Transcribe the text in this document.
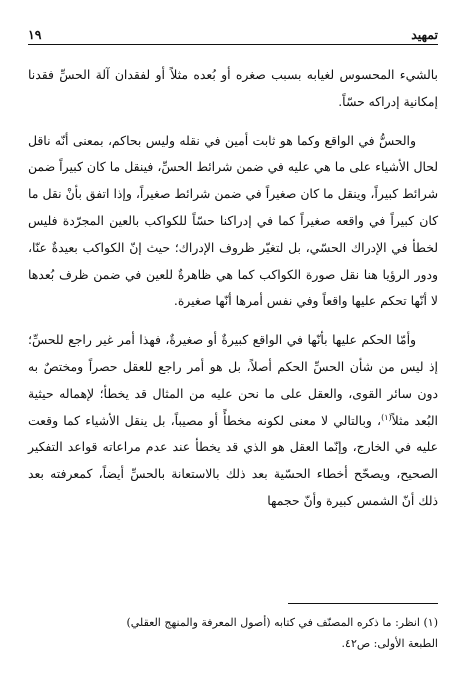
تمهيد
١٩

بالشيء المحسوس لغيابه بسبب صغره أو بُعده مثلاً أو لفقدان آلة الحسِّ فقدنا إمكانية إدراكه حسّاً.

والحسُّ في الواقع وكما هو ثابت أمين في نقله وليس بحاكم، بمعنى أنّه ناقل لحال الأشياء على ما هي عليه في ضمن شرائط الحسِّ، فينقل ما كان كبيراً ضمن شرائط كبيراً، وينقل ما كان صغيراً في ضمن شرائط صغيراً، وإذا اتفق بأنْ نقل ما كان كبيراً في واقعه صغيراً كما في إدراكنا حسّاً للكواكب بالعين المجرّدة فليس لخطأ في الإدراك الحسّي، بل لتغيّر ظروف الإدراك؛ حيث إنّ الكواكب بعيدةٌ عنّا، ودور الرؤيا هنا نقل صورة الكواكب كما هي ظاهرةٌ للعين في ضمن ظرف بُعدها لا أنّها تحكم عليها واقعاً وفي نفس أمرها أنّها صغيرة.

وأمّا الحكم عليها بأنّها في الواقع كبيرةٌ أو صغيرةٌ، فهذا أمر غير راجع للحسِّ؛ إذ ليس من شأن الحسِّ الحكم أصلاً، بل هو أمر راجع للعقل حصراً ومختصٌ به دون سائر القوى، والعقل على ما نحن عليه من المثال قد يخطأ؛ لإهماله حيثية البُعد مثلاً$^{(١)}$، وبالتالي لا معنى لكونه مخطأً أو مصيباً، بل ينقل الأشياء كما وقعت عليه في الخارج، وإنّما العقل هو الذي قد يخطأ عند عدم مراعاته قواعد التفكير الصحيح، ويصحّح أخطاء الحسّية بعد ذلك بالاستعانة بالحسِّ أيضاً، كمعرفته بعد ذلك أنّ الشمس كبيرة وأنّ حجمها

(١) انظر: ما ذكره المصنّف في كتابه (أصول المعرفة والمنهج العقلي)

الطبعة الأولى: ص٤٢.
